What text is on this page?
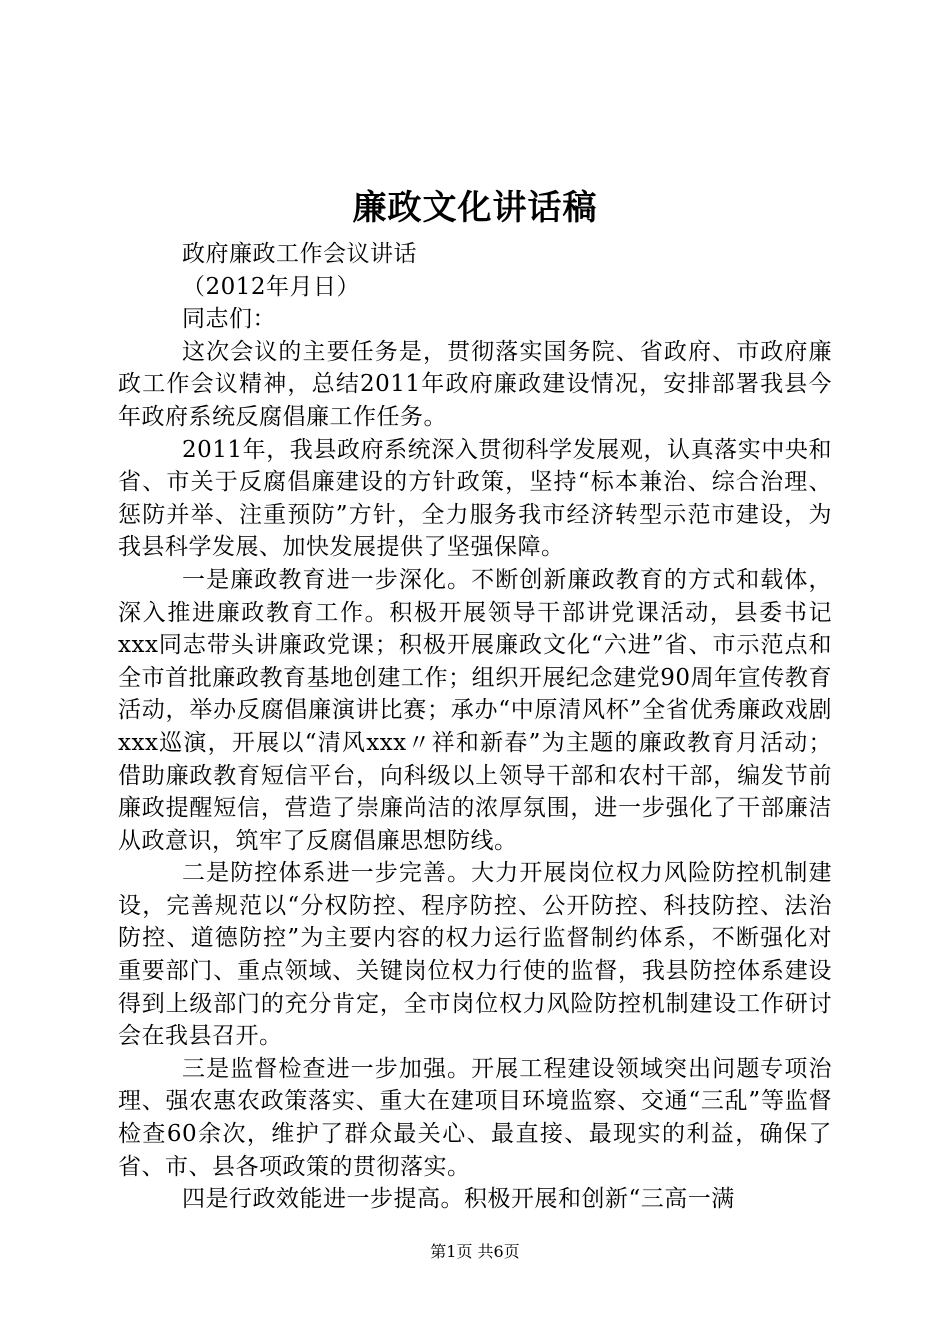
廉政文化讲话稿

政府廉政工作会议讲话

（2012年月日）

同志们：

这次会议的主要任务是，贯彻落实国务院、省政府、市政府廉政工作会议精神，总结2011年政府廉政建设情况，安排部署我县今年政府系统反腐倡廉工作任务。

2011年，我县政府系统深入贯彻科学发展观，认真落实中央和省、市关于反腐倡廉建设的方针政策，坚持“标本兼治、综合治理、惩防并举、注重预防”方针，全力服务我市经济转型示范市建设，为我县科学发展、加快发展提供了坚强保障。

一是廉政教育进一步深化。不断创新廉政教育的方式和载体，深入推进廉政教育工作。积极开展领导干部讲党课活动，县委书记xxx同志带头讲廉政党课；积极开展廉政文化“六进”省、市示范点和全市首批廉政教育基地创建工作；组织开展纪念建党90周年宣传教育活动，举办反腐倡廉演讲比赛；承办“中原清风杯”全省优秀廉政戏剧xxx巡演，开展以“清风xxx〃祥和新春”为主题的廉政教育月活动；借助廉政教育短信平台，向科级以上领导干部和农村干部，编发节前廉政提醒短信，营造了崇廉尚洁的浓厚氛围，进一步强化了干部廉洁从政意识，筑牢了反腐倡廉思想防线。

二是防控体系进一步完善。大力开展岗位权力风险防控机制建设，完善规范以“分权防控、程序防控、公开防控、科技防控、法治防控、道德防控”为主要内容的权力运行监督制约体系，不断强化对重要部门、重点领域、关键岗位权力行使的监督，我县防控体系建设得到上级部门的充分肯定，全市岗位权力风险防控机制建设工作研讨会在我县召开。

三是监督检查进一步加强。开展工程建设领域突出问题专项治理、强农惠农政策落实、重大在建项目环境监察、交通“三乱”等监督检查60余次，维护了群众最关心、最直接、最现实的利益，确保了省、市、县各项政策的贯彻落实。

四是行政效能进一步提高。积极开展和创新“三高一满

第1页 共6页
